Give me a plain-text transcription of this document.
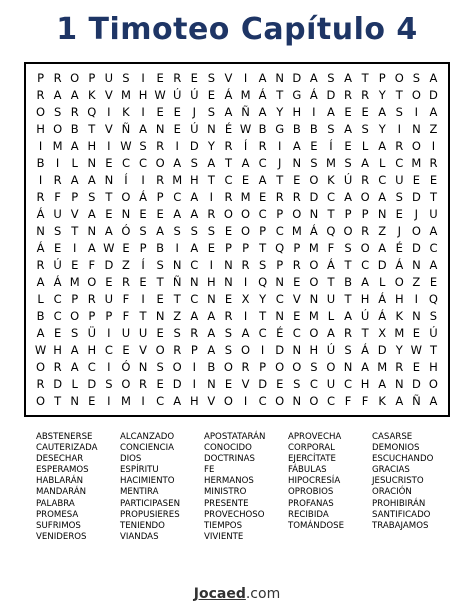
1 Timoteo Capítulo 4
P R O P U S	I	E R E S V I A N D A S A T P O S A
R A A K V M H W Ú Ú E Á M Á T G Á D R R Y T O D
O S R Q I	K	I	E E	J	S A Ñ A Y H I A E E A S	I A
H O B T V Ñ A N E Ú N É W B G B B S A S Y	I N Z
I M A H I W S R I D Y R Í R I A E	Í	E L A R O I
B I	L N E C C O A S A T A C J N S M S A L C M R
I R A A N Í	I R M H T C E A T E O K Ú R C U E E
R F P S T O Á P C A I R M E R R D C A O A S D T
Á U V A E N E E A A R O O C P O N T P P N E	J U
N S T N A Ó S A S S S E O P C M Á Q O R Z J O A
Á E	I A W E P B I A E P P T Q P M F S O A É D C
R Ú E F D Z Í	S N C I N R S P R O Á T C D Á N A
A Á M O E R E T Ñ N H N I Q N E O T B A L O Z E
L C P R U F	I	E T C N E X Y C V N U T H Á H I Q
B C O P P F T N Z A A R I	T N E M L A Ú Á K N S
A E S Ü I U U E S R A S A C É C O A R T X M E Ú
W H A H C E V O R P A S O I D N H Ú S Á D Y W T
O R A C I Ó N S O I B O R P O O S O N A M R E H
R D L D S O R E D I N E V D E S C U C H A N D O
O T N E	I M I C A H V O I C O N O C F F K A Ñ A
ABSTENERSE
CAUTERIZADA
DESECHAR
ESPERAMOS
HABLARÁN
MANDARÁN
PALABRA
PROMESA
SUFRIMOS
VENIDEROS
ALCANZADO
CONCIENCIA
DIOS
ESPÍRITU
HACIMIENTO
MENTIRA
PARTICIPASEN
PROPUSIERES
TENIENDO
VIANDAS
APOSTATARÁN
CONOCIDO
DOCTRINAS
FE
HERMANOS
MINISTRO
PRESENTE
PROVECHOSO
TIEMPOS
VIVIENTE
APROVECHA
CORPORAL
EJERCÍTATE
FÁBULAS
HIPOCRESÍA
OPROBIOS
PROFANAS
RECIBIDA
TOMÁNDOSE
CASARSE
DEMONIOS
ESCUCHANDO
GRACIAS
JESUCRISTO
ORACIÓN
PROHIBIRÁN
SANTIFICADO
TRABAJAMOS
Jocaed.com
